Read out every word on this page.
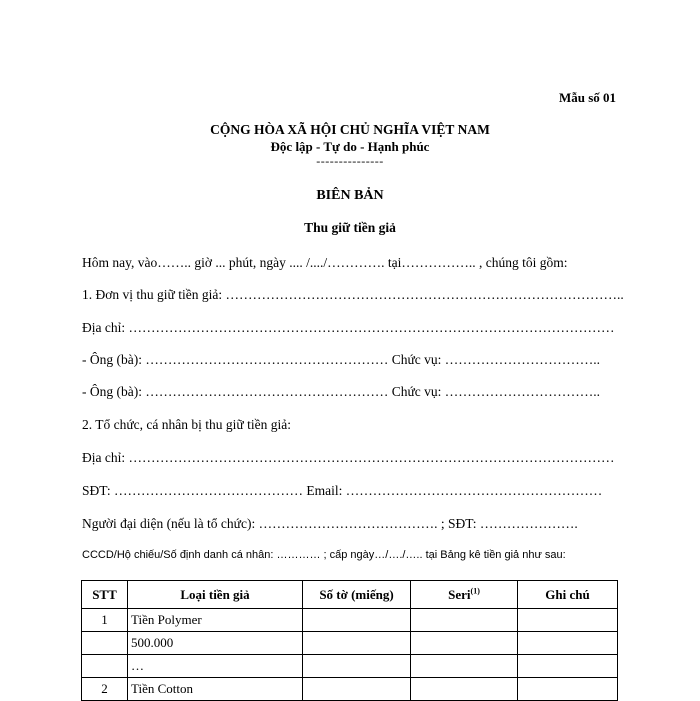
Mẫu số 01
CỘNG HÒA XÃ HỘI CHỦ NGHĨA VIỆT NAM
Độc lập - Tự do - Hạnh phúc
---------------
BIÊN BẢN
Thu giữ tiền giả
Hôm nay, vào…….. giờ ... phút, ngày .... /..../…………. tại…………….. , chúng tôi gồm:
1. Đơn vị thu giữ tiền giả: ……………………………………………………………………………..
Địa chỉ: ………………………………………………………………………………………………
- Ông (bà): ……………………………………………… Chức vụ: ……………………………..
- Ông (bà): ……………………………………………… Chức vụ: ……………………………..
2. Tổ chức, cá nhân bị thu giữ tiền giả:
Địa chỉ: ………………………………………………………………………………………………
SĐT: …………………………………… Email: …………………………………………………
Người đại diện (nếu là tổ chức): …………………………………. ; SĐT: ………………….
CCCD/Hộ chiếu/Số định danh cá nhân: ………… ; cấp ngày…/…./….. tại Bảng kê tiền giả như sau:
STT	Loại tiền giả	Số tờ (miếng)	Seri$^{(1)}$	Ghi chú
1	Tiền Polymer			
	500.000			
	…			
2	Tiền Cotton			
